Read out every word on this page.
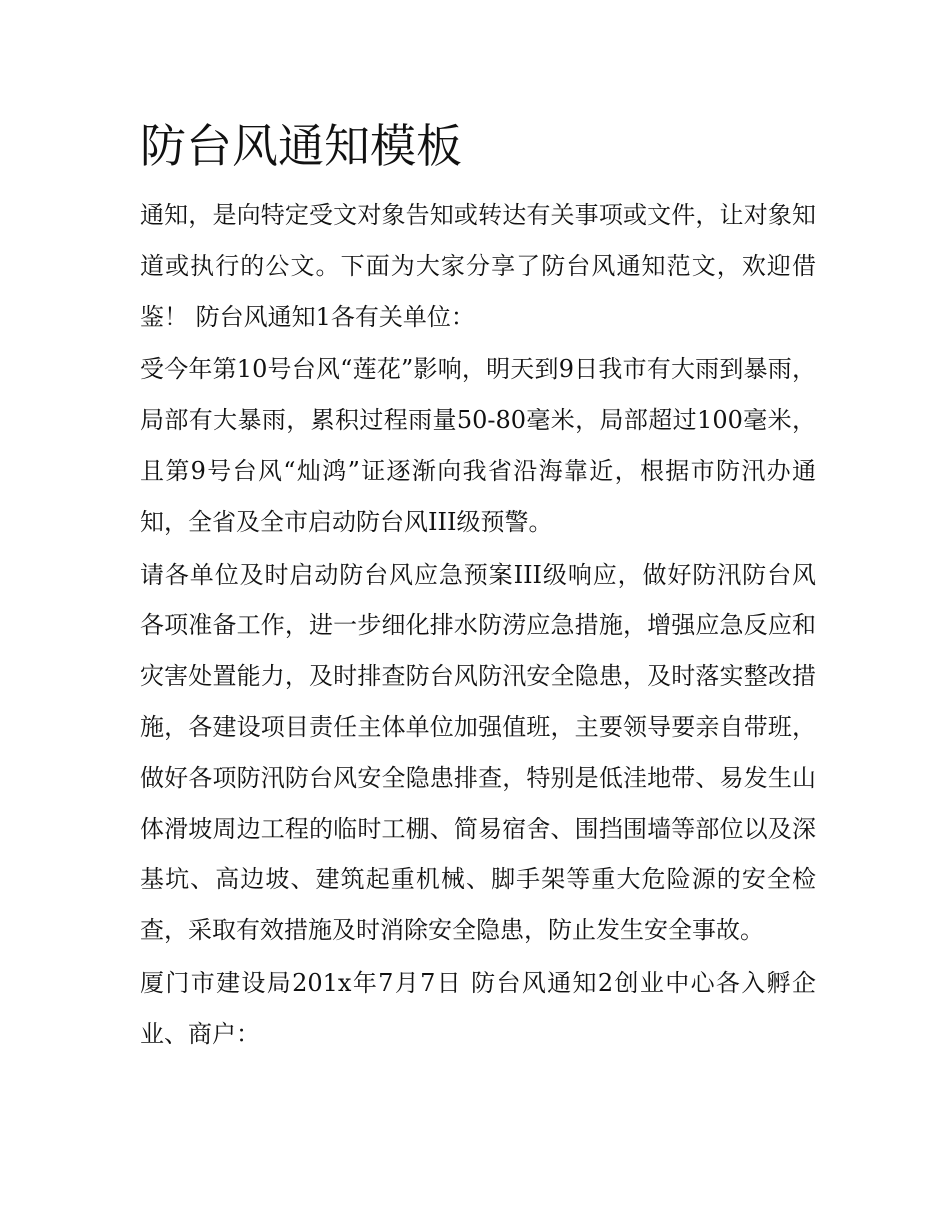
防台风通知模板

通知，是向特定受文对象告知或转达有关事项或文件，让对象知道或执行的公文。下面为大家分享了防台风通知范文，欢迎借鉴！ 防台风通知1各有关单位：

受今年第10号台风“莲花”影响，明天到9日我市有大雨到暴雨，局部有大暴雨，累积过程雨量50-80毫米，局部超过100毫米，且第9号台风“灿鸿”证逐渐向我省沿海靠近，根据市防汛办通知，全省及全市启动防台风III级预警。

请各单位及时启动防台风应急预案III级响应，做好防汛防台风各项准备工作，进一步细化排水防涝应急措施，增强应急反应和灾害处置能力，及时排查防台风防汛安全隐患，及时落实整改措施，各建设项目责任主体单位加强值班，主要领导要亲自带班，做好各项防汛防台风安全隐患排查，特别是低洼地带、易发生山体滑坡周边工程的临时工棚、简易宿舍、围挡围墙等部位以及深基坑、高边坡、建筑起重机械、脚手架等重大危险源的安全检查，采取有效措施及时消除安全隐患，防止发生安全事故。

厦门市建设局201x年7月7日 防台风通知2创业中心各入孵企业、商户：
